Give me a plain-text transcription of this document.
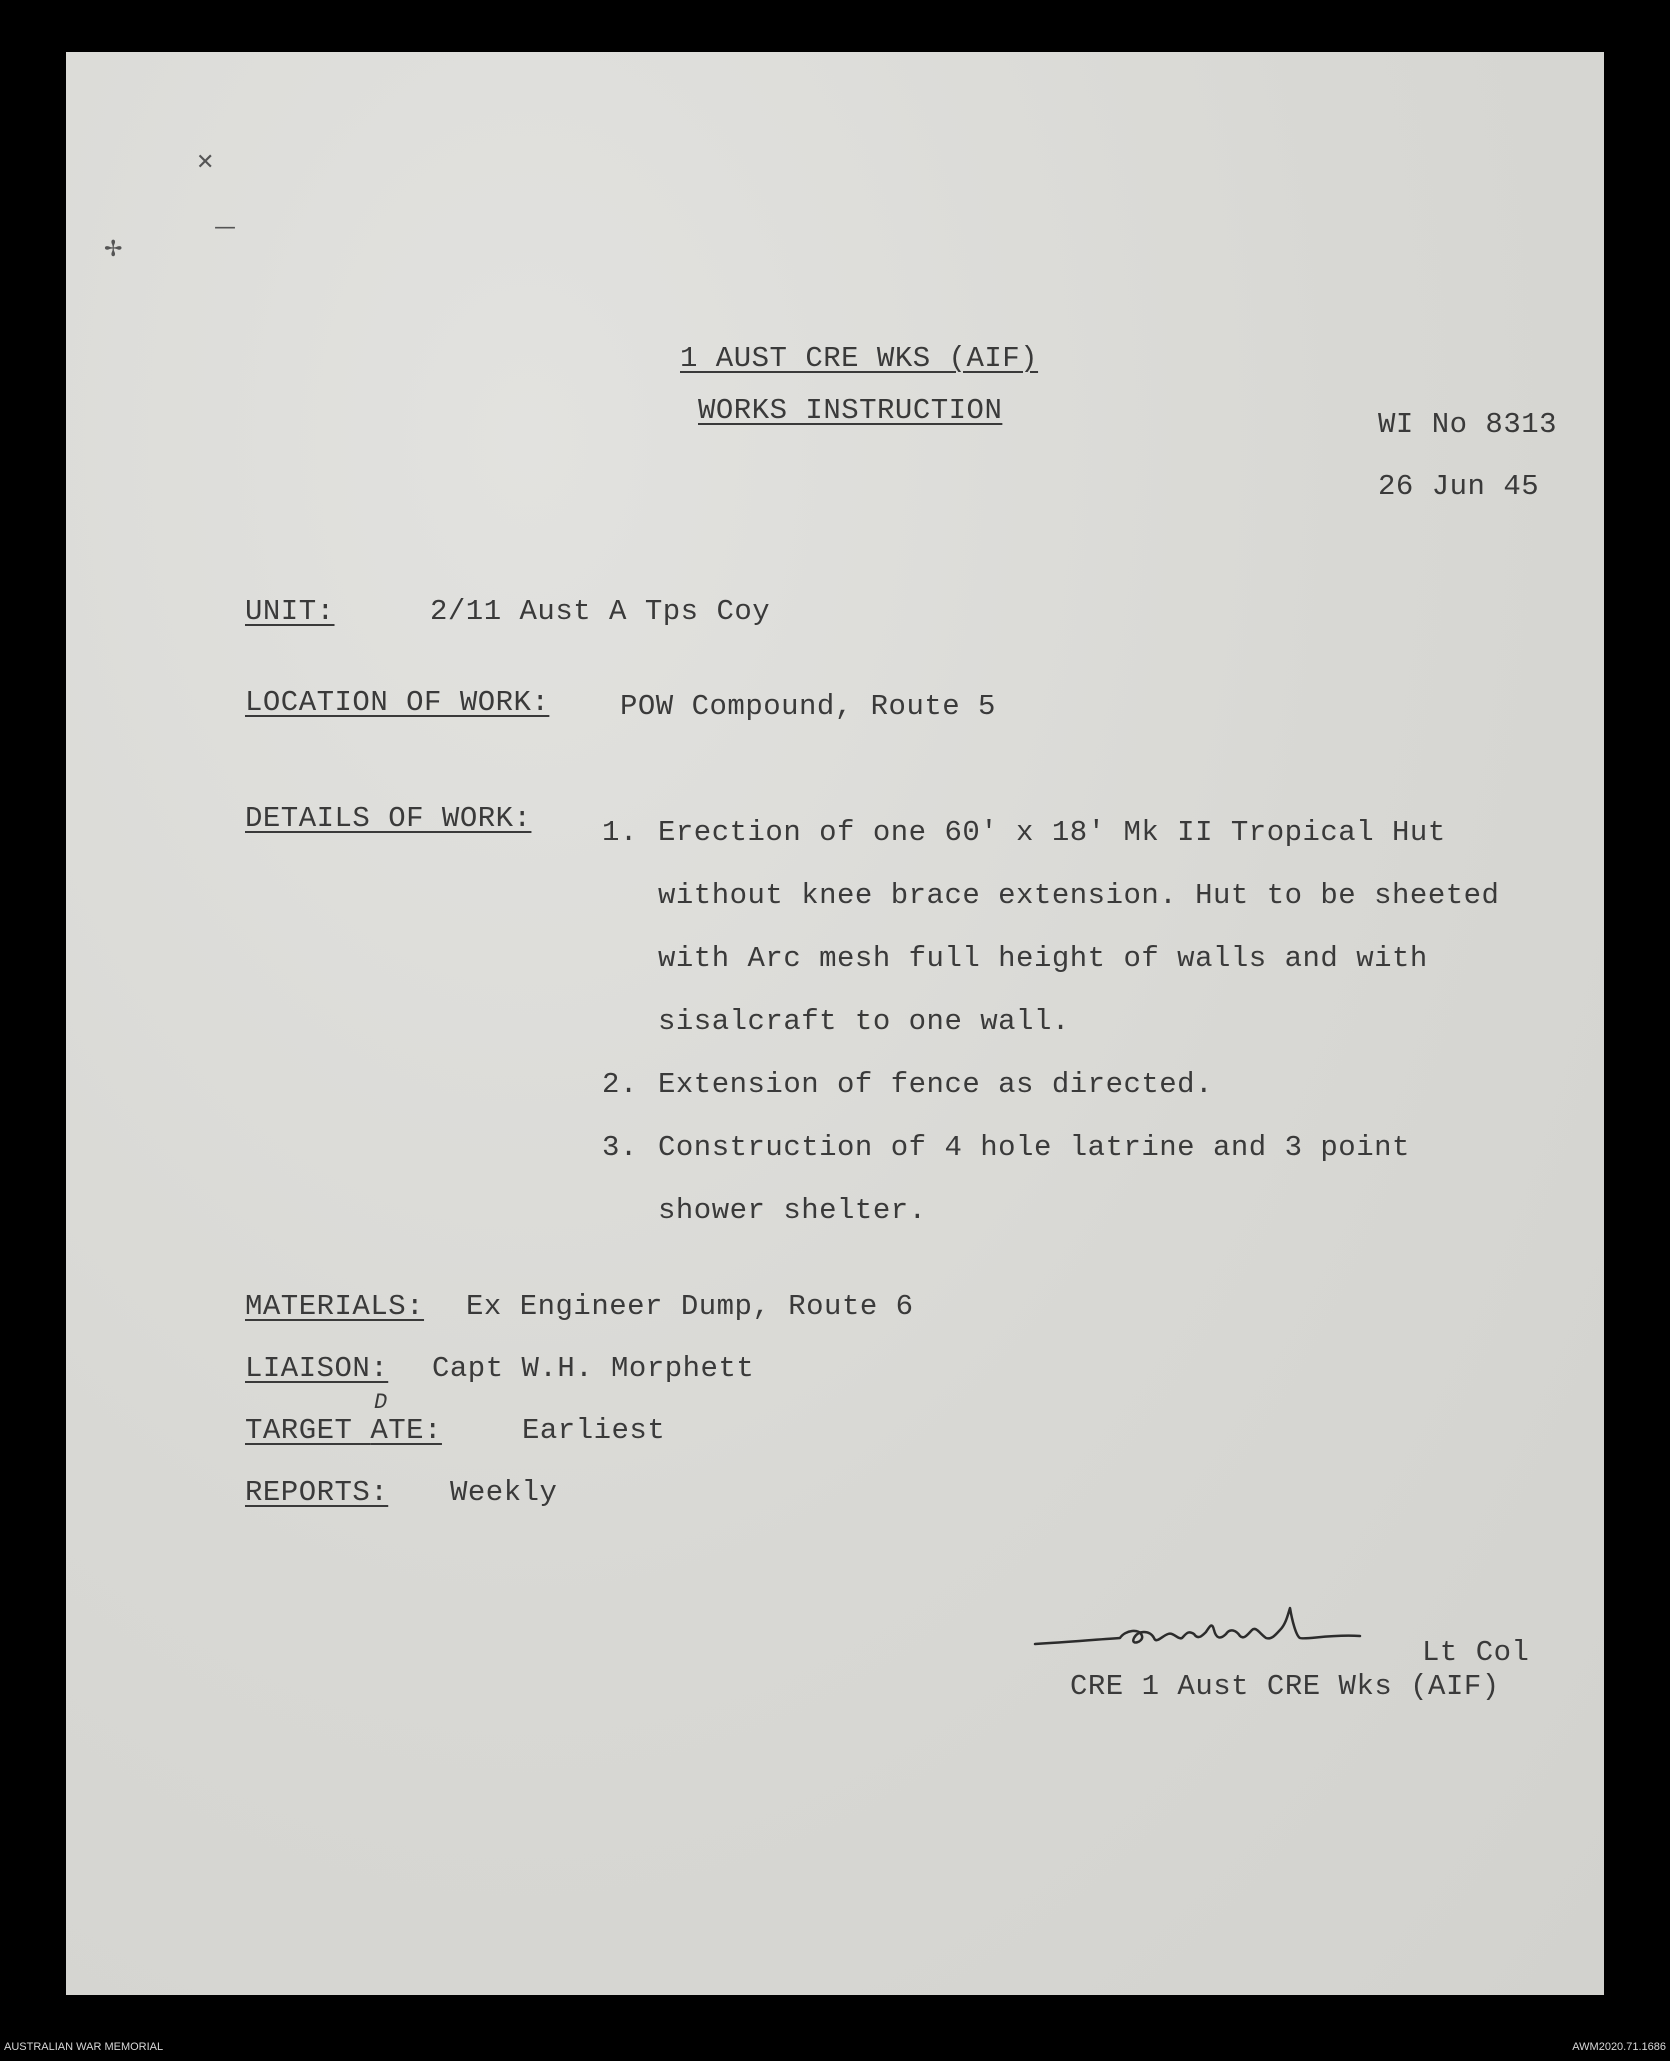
✕
—
✢
1 AUST CRE WKS (AIF)
WORKS INSTRUCTION	WI No 8313
26 Jun 45
UNIT:	2/11 Aust A Tps Coy
LOCATION OF WORK: POW Compound, Route 5
DETAILS OF WORK: 1. Erection of one 60' x 18' Mk II Tropical Hut
without knee brace extension. Hut to be sheeted
with Arc mesh full height of walls and with
sisalcraft to one wall.
2. Extension of fence as directed.
3. Construction of 4 hole latrine and 3 point
shower shelter.
MATERIALS: Ex Engineer Dump, Route 6
LIAISON: Capt W.H. Morphett
TARGET ATE:
D
Earliest
REPORTS: Weekly
Lt Col
CRE 1 Aust CRE Wks (AIF)
AUSTRALIAN WAR MEMORIAL	AWM2020.71.1686
